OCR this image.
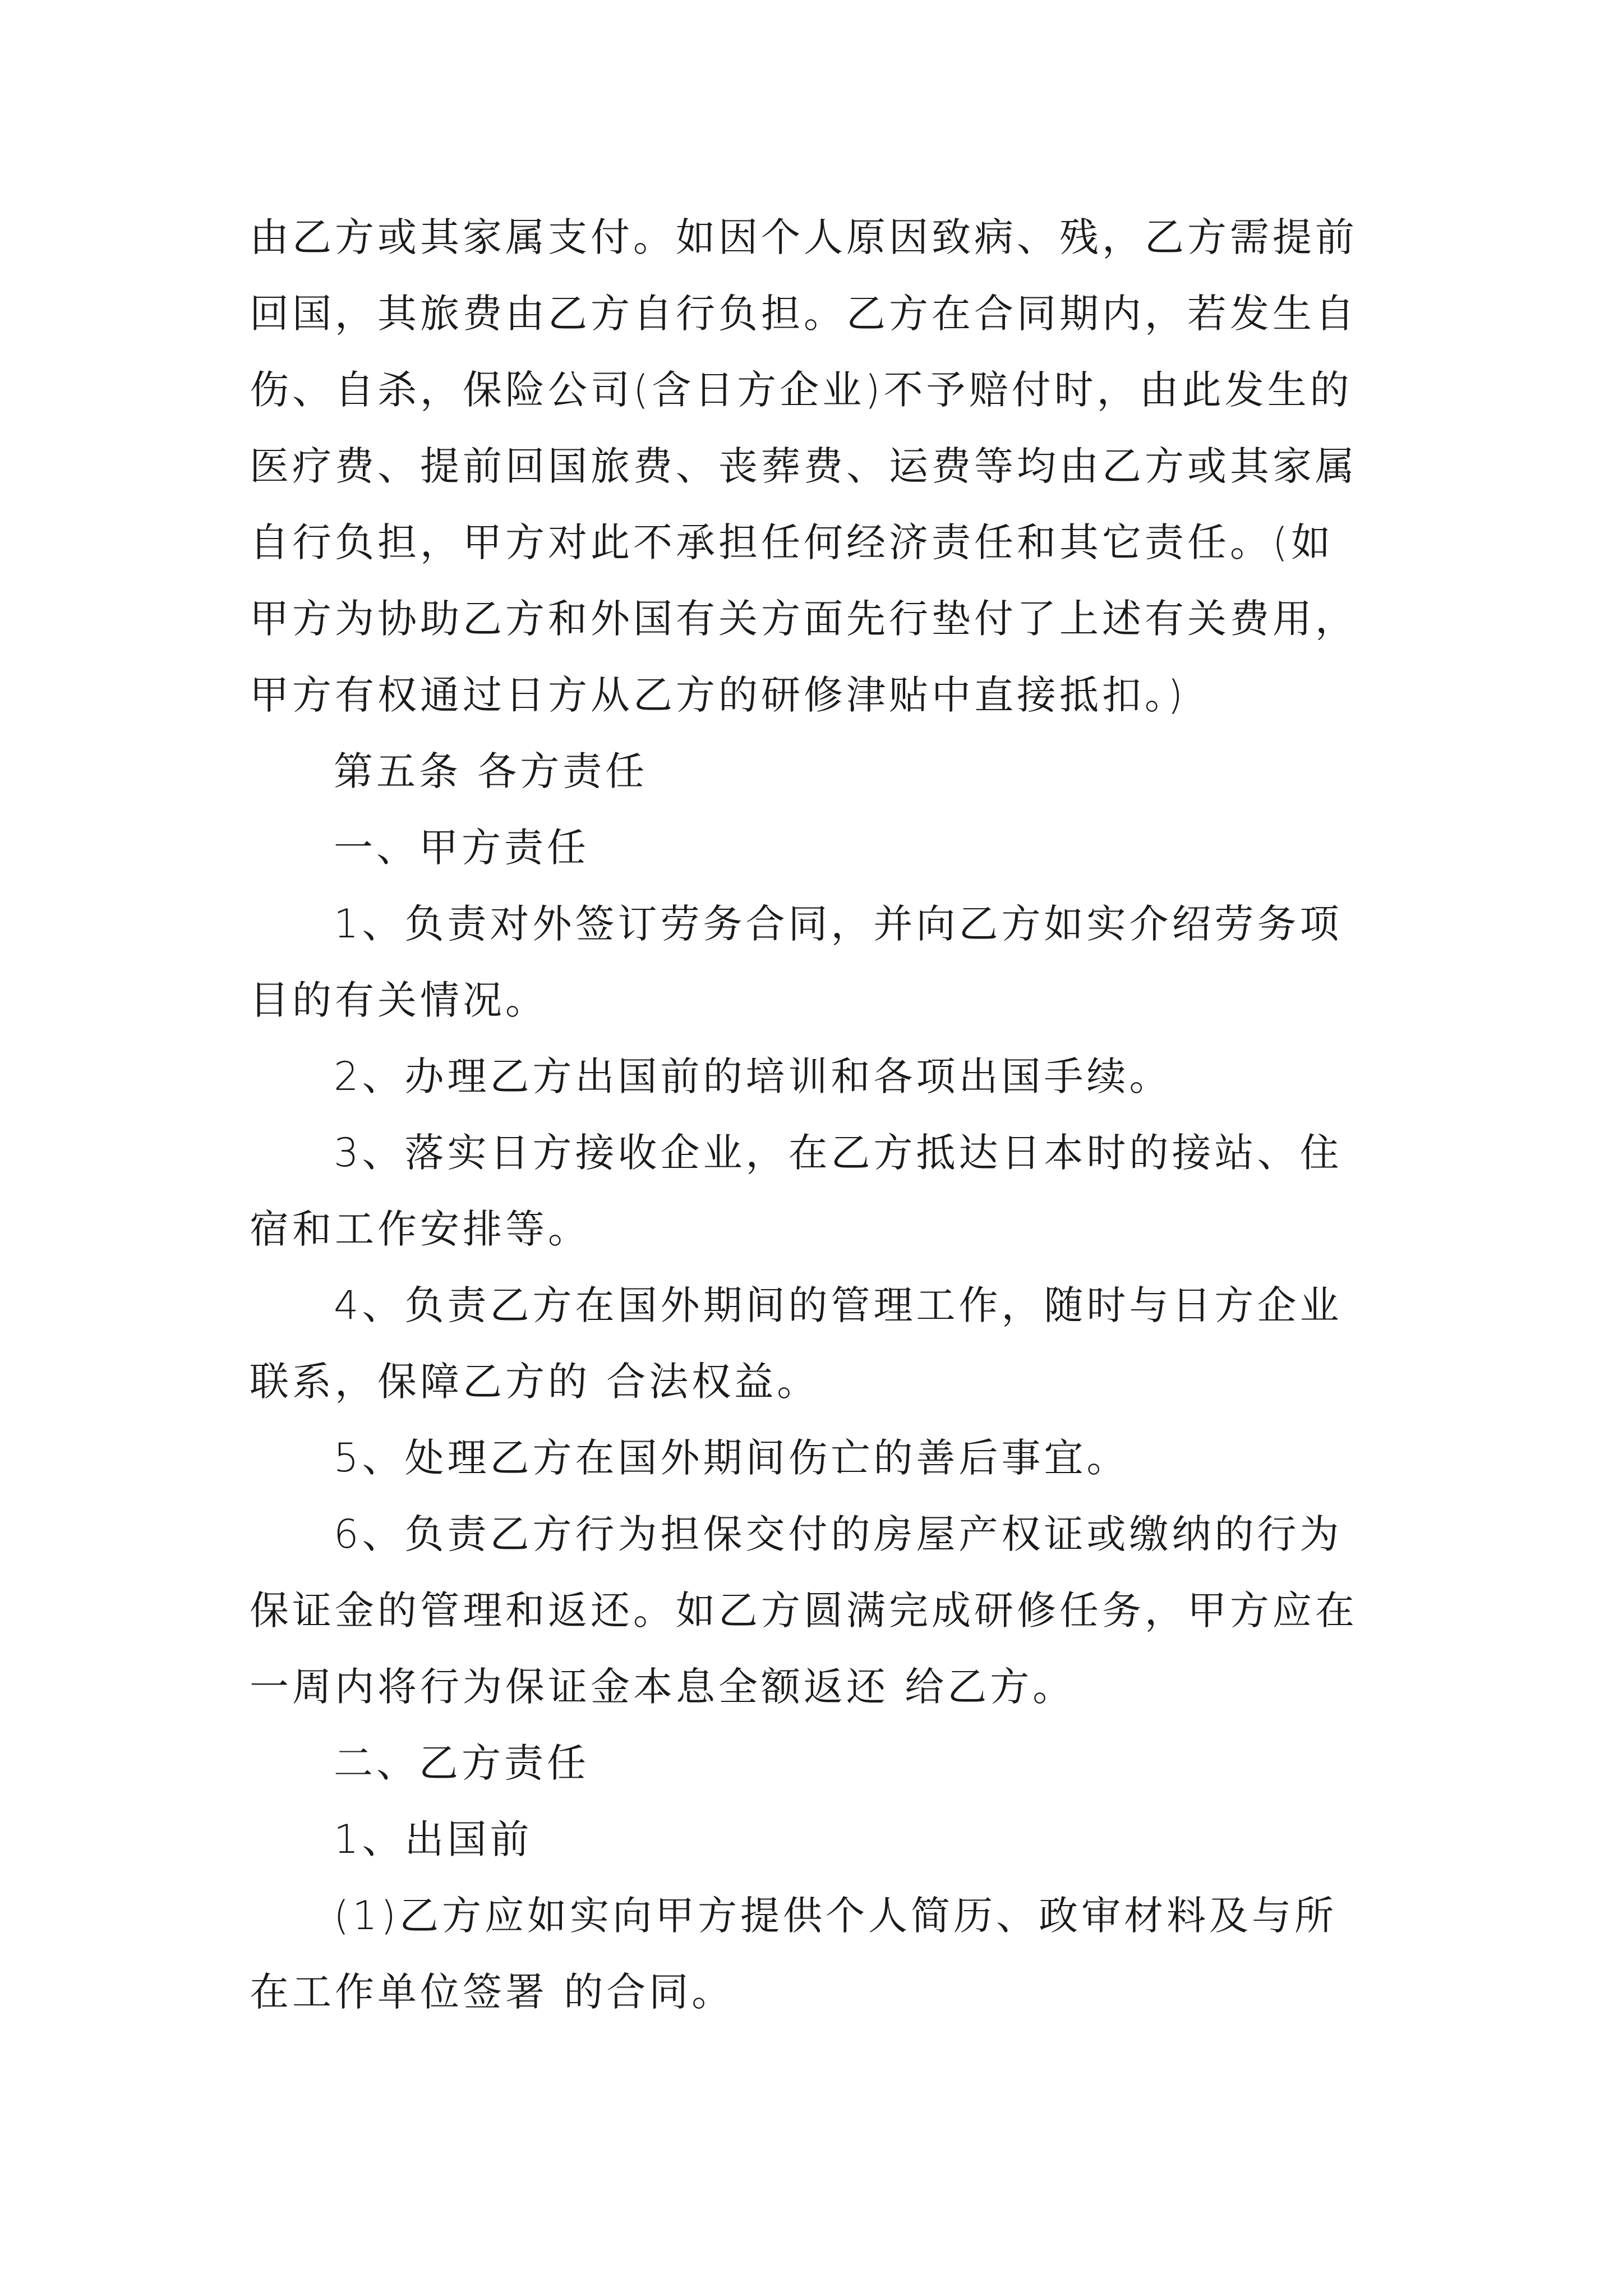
由乙方或其家属支付。如因个人原因致病、残，乙方需提前
回国，其旅费由乙方自行负担。乙方在合同期内，若发生自
伤、自杀，保险公司(含日方企业)不予赔付时，由此发生的
医疗费、提前回国旅费、丧葬费、运费等均由乙方或其家属
自行负担，甲方对此不承担任何经济责任和其它责任。(如
甲方为协助乙方和外国有关方面先行垫付了上述有关费用，
甲方有权通过日方从乙方的研修津贴中直接抵扣。)
第五条 各方责任
一、甲方责任
1、负责对外签订劳务合同，并向乙方如实介绍劳务项
目的有关情况。
2、办理乙方出国前的培训和各项出国手续。
3、落实日方接收企业，在乙方抵达日本时的接站、住
宿和工作安排等。
4、负责乙方在国外期间的管理工作，随时与日方企业
联系，保障乙方的 合法权益。
5、处理乙方在国外期间伤亡的善后事宜。
6、负责乙方行为担保交付的房屋产权证或缴纳的行为
保证金的管理和返还。如乙方圆满完成研修任务，甲方应在
一周内将行为保证金本息全额返还 给乙方。
二、乙方责任
1、出国前
(1)乙方应如实向甲方提供个人简历、政审材料及与所
在工作单位签署 的合同。
